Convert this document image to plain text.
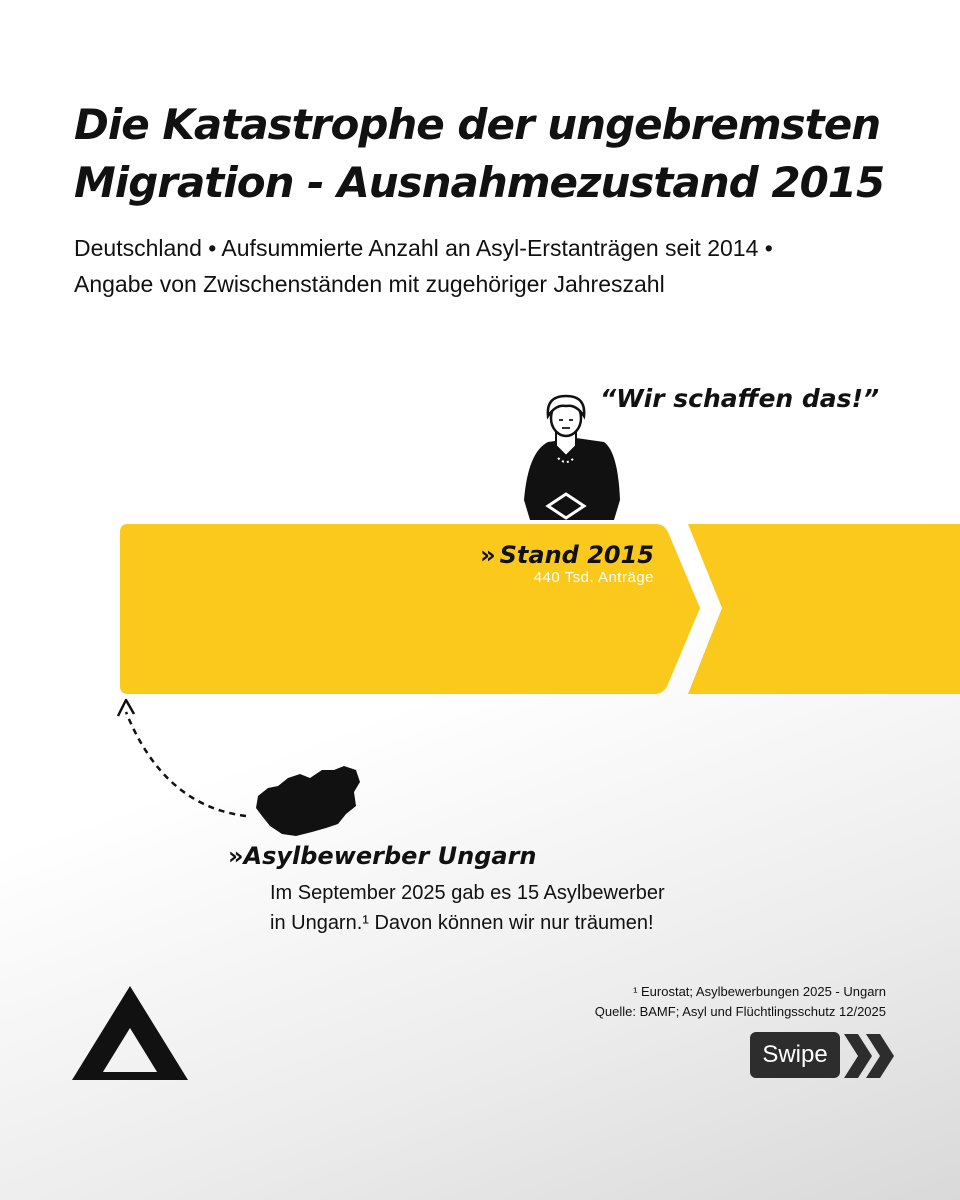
Die Katastrophe der ungebremsten
Migration - Ausnahmezustand 2015

Deutschland • Aufsummierte Anzahl an Asyl-Erstanträgen seit 2014 •
Angabe von Zwischenständen mit zugehöriger Jahreszahl

“Wir schaffen das!”
» Stand 2015
440 Tsd. Anträge
» Asylbewerber Ungarn
Im September 2025 gab es 15 Asylbewerber
in Ungarn.¹ Davon können wir nur träumen!
¹ Eurostat; Asylbewerbungen 2025 - Ungarn
Quelle: BAMF; Asyl und Flüchtlingsschutz 12/2025
Swipe
